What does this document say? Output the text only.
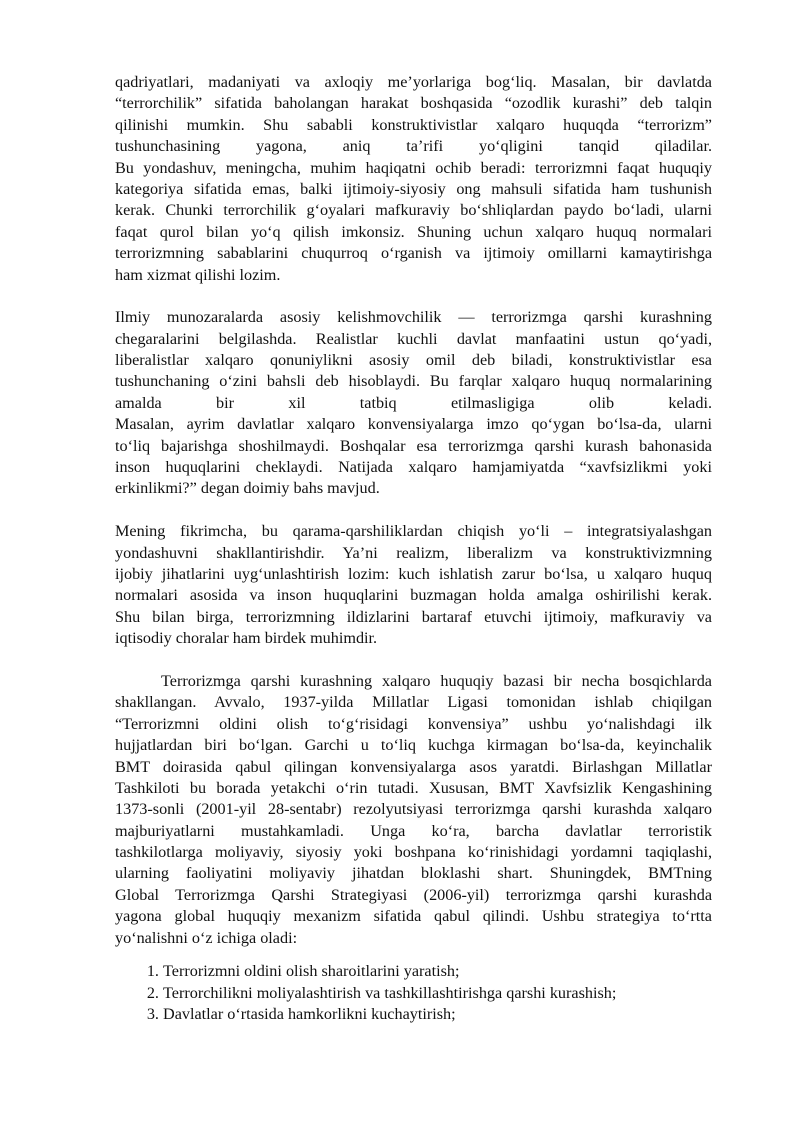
qadriyatlari, madaniyati va axloqiy me’yorlariga bog‘liq. Masalan, bir davlatda
“terrorchilik” sifatida baholangan harakat boshqasida “ozodlik kurashi” deb talqin
qilinishi mumkin. Shu sababli konstruktivistlar xalqaro huquqda “terrorizm”
tushunchasining yagona, aniq ta’rifi yo‘qligini tanqid qiladilar.
Bu yondashuv, meningcha, muhim haqiqatni ochib beradi: terrorizmni faqat huquqiy
kategoriya sifatida emas, balki ijtimoiy-siyosiy ong mahsuli sifatida ham tushunish
kerak. Chunki terrorchilik g‘oyalari mafkuraviy bo‘shliqlardan paydo bo‘ladi, ularni
faqat qurol bilan yo‘q qilish imkonsiz. Shuning uchun xalqaro huquq normalari
terrorizmning sabablarini chuqurroq o‘rganish va ijtimoiy omillarni kamaytirishga
ham xizmat qilishi lozim.
Ilmiy munozaralarda asosiy kelishmovchilik — terrorizmga qarshi kurashning
chegaralarini belgilashda. Realistlar kuchli davlat manfaatini ustun qo‘yadi,
liberalistlar xalqaro qonuniylikni asosiy omil deb biladi, konstruktivistlar esa
tushunchaning o‘zini bahsli deb hisoblaydi. Bu farqlar xalqaro huquq normalarining
amalda bir xil tatbiq etilmasligiga olib keladi.
Masalan, ayrim davlatlar xalqaro konvensiyalarga imzo qo‘ygan bo‘lsa-da, ularni
to‘liq bajarishga shoshilmaydi. Boshqalar esa terrorizmga qarshi kurash bahonasida
inson huquqlarini cheklaydi. Natijada xalqaro hamjamiyatda “xavfsizlikmi yoki
erkinlikmi?” degan doimiy bahs mavjud.
Mening fikrimcha, bu qarama-qarshiliklardan chiqish yo‘li – integratsiyalashgan
yondashuvni shakllantirishdir. Ya’ni realizm, liberalizm va konstruktivizmning
ijobiy jihatlarini uyg‘unlashtirish lozim: kuch ishlatish zarur bo‘lsa, u xalqaro huquq
normalari asosida va inson huquqlarini buzmagan holda amalga oshirilishi kerak.
Shu bilan birga, terrorizmning ildizlarini bartaraf etuvchi ijtimoiy, mafkuraviy va
iqtisodiy choralar ham birdek muhimdir.
Terrorizmga qarshi kurashning xalqaro huquqiy bazasi bir necha bosqichlarda
shakllangan. Avvalo, 1937-yilda Millatlar Ligasi tomonidan ishlab chiqilgan
“Terrorizmni oldini olish to‘g‘risidagi konvensiya” ushbu yo‘nalishdagi ilk
hujjatlardan biri bo‘lgan. Garchi u to‘liq kuchga kirmagan bo‘lsa-da, keyinchalik
BMT doirasida qabul qilingan konvensiyalarga asos yaratdi. Birlashgan Millatlar
Tashkiloti bu borada yetakchi o‘rin tutadi. Xususan, BMT Xavfsizlik Kengashining
1373-sonli (2001-yil 28-sentabr) rezolyutsiyasi terrorizmga qarshi kurashda xalqaro
majburiyatlarni mustahkamladi. Unga ko‘ra, barcha davlatlar terroristik
tashkilotlarga moliyaviy, siyosiy yoki boshpana ko‘rinishidagi yordamni taqiqlashi,
ularning faoliyatini moliyaviy jihatdan bloklashi shart. Shuningdek, BMTning
Global Terrorizmga Qarshi Strategiyasi (2006-yil) terrorizmga qarshi kurashda
yagona global huquqiy mexanizm sifatida qabul qilindi. Ushbu strategiya to‘rtta
yo‘nalishni o‘z ichiga oladi:
1. Terrorizmni oldini olish sharoitlarini yaratish;
2. Terrorchilikni moliyalashtirish va tashkillashtirishga qarshi kurashish;
3. Davlatlar o‘rtasida hamkorlikni kuchaytirish;
